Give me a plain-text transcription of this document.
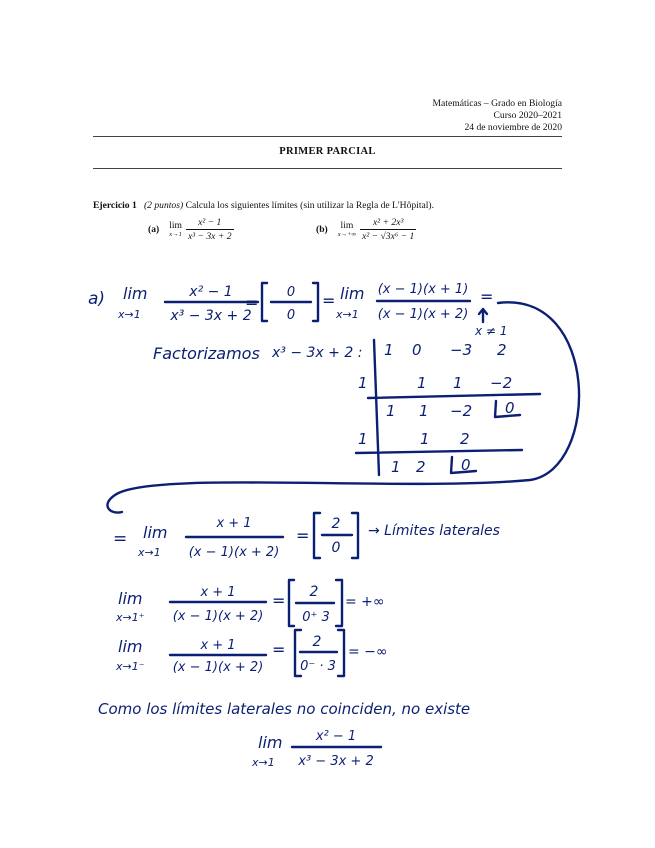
Matemáticas – Grado en Biología
Curso 2020–2021
24 de noviembre de 2020
PRIMER PARCIAL
Ejercicio 1 (2 puntos) Calcula los siguientes límites (sin utilizar la Regla de L'Hôpital).
(a) lim
$x\to 1 \frac{\text{x² − 1}}{\text{x³ − 3x + 2}}$	(b) lim
$x\to+\infty \frac{\text{x² + 2x³}}{\text{x² − √3x⁶ − 1}}$
a) lim
x→1
x² − 1
x³ − 3x + 2
=
0
0
= lim
x→1
(x − 1)(x + 1)
(x − 1)(x + 2)
=
x ≠ 1
Factorizamos x³ − 3x + 2 : 1 0 −3 2
1	1 1 −2
1 1 −2 0
1	1 2
1 2 0
= lim
x→1
x + 1
(x − 1)(x + 2)
=
2
0
→ Límites laterales
lim
x→1⁺
x + 1
(x − 1)(x + 2)
= 2
0⁺ 3
= +∞
lim
x→1⁻
x + 1
(x − 1)(x + 2)
= 2
0⁻ · 3
= −∞
Como los límites laterales no coinciden, no existe
lim
x→1
x² − 1
x³ − 3x + 2
